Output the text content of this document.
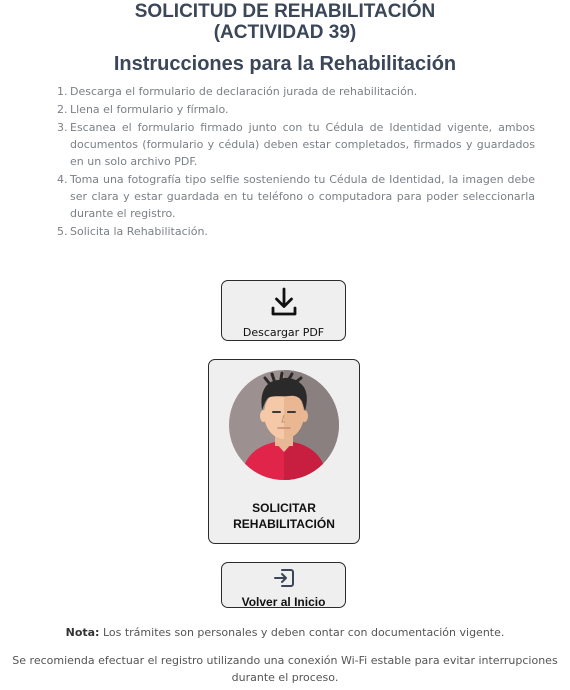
SOLICITUD DE REHABILITACIÓN
(ACTIVIDAD 39)
Instrucciones para la Rehabilitación
1. Descarga el formulario de declaración jurada de rehabilitación.
2. Llena el formulario y fírmalo.
3. Escanea el formulario firmado junto con tu Cédula de Identidad vigente, ambos documentos (formulario y cédula) deben estar completados, firmados y guardados en un solo archivo PDF.
4. Toma una fotografía tipo selfie sosteniendo tu Cédula de Identidad, la imagen debe ser clara y estar guardada en tu teléfono o computadora para poder seleccionarla durante el registro.
5. Solicita la Rehabilitación.
Descargar PDF
SOLICITAR
REHABILITACIÓN
Volver al Inicio

Nota: Los trámites son personales y deben contar con documentación vigente.

Se recomienda efectuar el registro utilizando una conexión Wi-Fi estable para evitar interrupciones durante el proceso.
